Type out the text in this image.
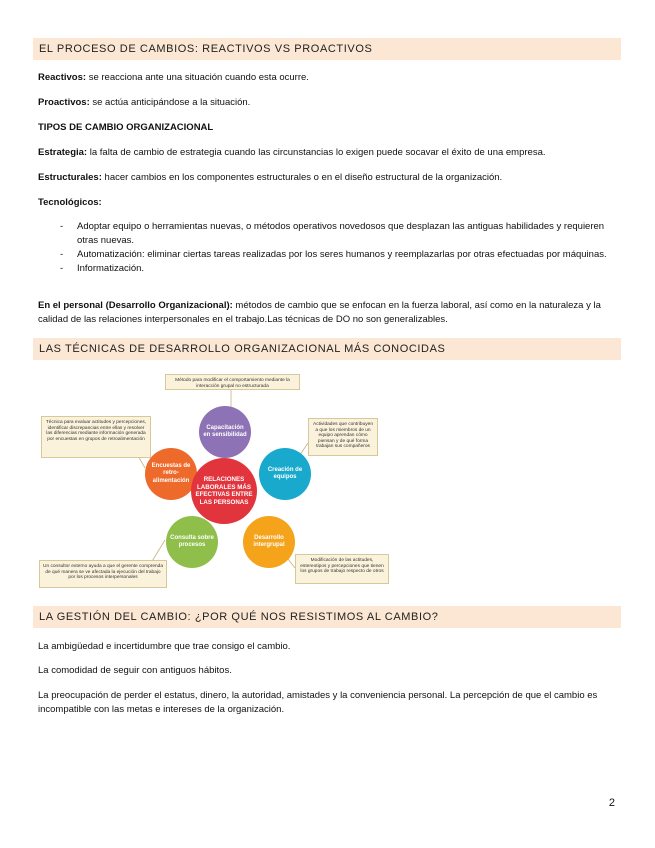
EL PROCESO DE CAMBIOS: REACTIVOS VS PROACTIVOS
Reactivos: se reacciona ante una situación cuando esta ocurre.
Proactivos: se actúa anticipándose a la situación.
TIPOS DE CAMBIO ORGANIZACIONAL
Estrategia: la falta de cambio de estrategia cuando las circunstancias lo exigen puede socavar el éxito de una empresa.
Estructurales: hacer cambios en los componentes estructurales o en el diseño estructural de la organización.
Tecnológicos:
- Adoptar equipo o herramientas nuevas, o métodos operativos novedosos que desplazan las antiguas habilidades y requieren otras nuevas.
- Automatización: eliminar ciertas tareas realizadas por los seres humanos y reemplazarlas por otras efectuadas por máquinas.
- Informatización.
En el personal (Desarrollo Organizacional): métodos de cambio que se enfocan en la fuerza laboral, así como en la naturaleza y la calidad de las relaciones interpersonales en el trabajo.Las técnicas de DO no son generalizables.
LAS TÉCNICAS DE DESARROLLO ORGANIZACIONAL MÁS CONOCIDAS
Método para modificar el comportamiento mediante la interacción grupal no estructurada
Actividades que contribuyen a que los miembros de un equipo aprendan cómo piensan y de qué forma trabajan sus compañeros
Modificación de las actitudes, estereotipos y percepciones que tienen los grupos de trabajo respecto de otros
Un consultor externo ayuda a que el gerente comprenda de qué manera se ve afectada la ejecución del trabajo por los procesos interpersonales
Técnica para evaluar actitudes y percepciones, identificar discrepancias entre ellas y resolver las diferencias mediante información generada por encuestas en grupos de retroalimentación
Capacitación en sensibilidad
Creación de equipos
Desarrollo intergrupal
Consulta sobre procesos
Encuestas de retro-alimentación	RELACIONES LABORALES MÁS EFECTIVAS ENTRE LAS PERSONAS
LA GESTIÓN DEL CAMBIO: ¿POR QUÉ NOS RESISTIMOS AL CAMBIO?
La ambigüedad e incertidumbre que trae consigo el cambio.
La comodidad de seguir con antiguos hábitos.
La preocupación de perder el estatus, dinero, la autoridad, amistades y la conveniencia personal. La percepción de que el cambio es incompatible con las metas e intereses de la organización.
2
